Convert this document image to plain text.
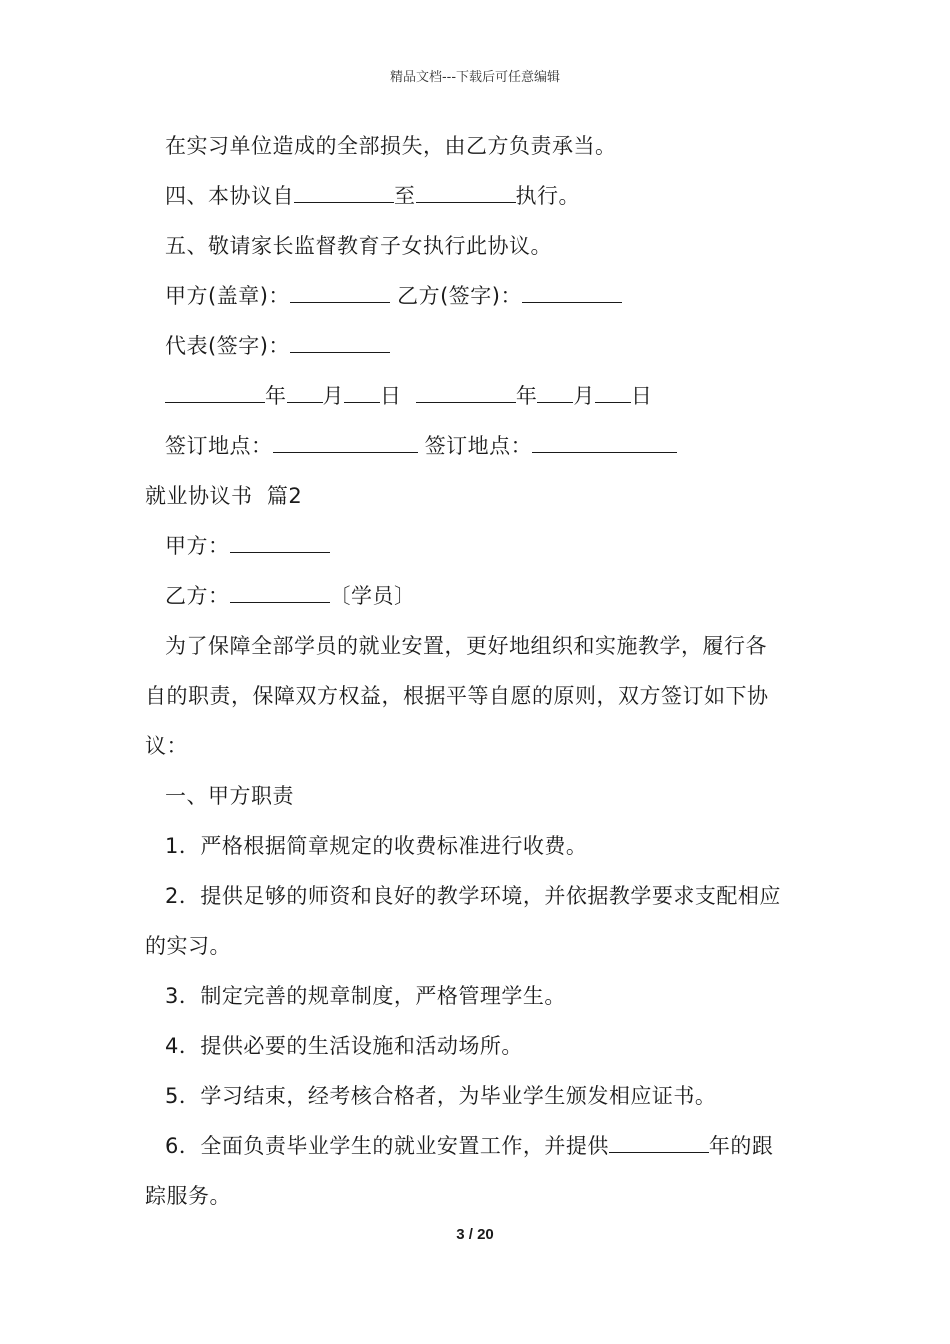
精品文档---下载后可任意编辑
在实习单位造成的全部损失，由乙方负责承当。
四、本协议自	至	执行。
五、敬请家长监督教育子女执行此协议。
甲方(盖章)：	乙方(签字)：
代表(签字)：
年 月 日	年 月 日
签订地点：	签订地点：
就业协议书  篇2
甲方：
乙方：	〔学员〕
为了保障全部学员的就业安置，更好地组织和实施教学，履行各
自的职责，保障双方权益，根据平等自愿的原则，双方签订如下协
议：
一、甲方职责
1．严格根据简章规定的收费标准进行收费。
2．提供足够的师资和良好的教学环境，并依据教学要求支配相应
的实习。
3．制定完善的规章制度，严格管理学生。
4．提供必要的生活设施和活动场所。
5．学习结束，经考核合格者，为毕业学生颁发相应证书。
6．全面负责毕业学生的就业安置工作，并提供	年的跟
踪服务。
3 / 20
